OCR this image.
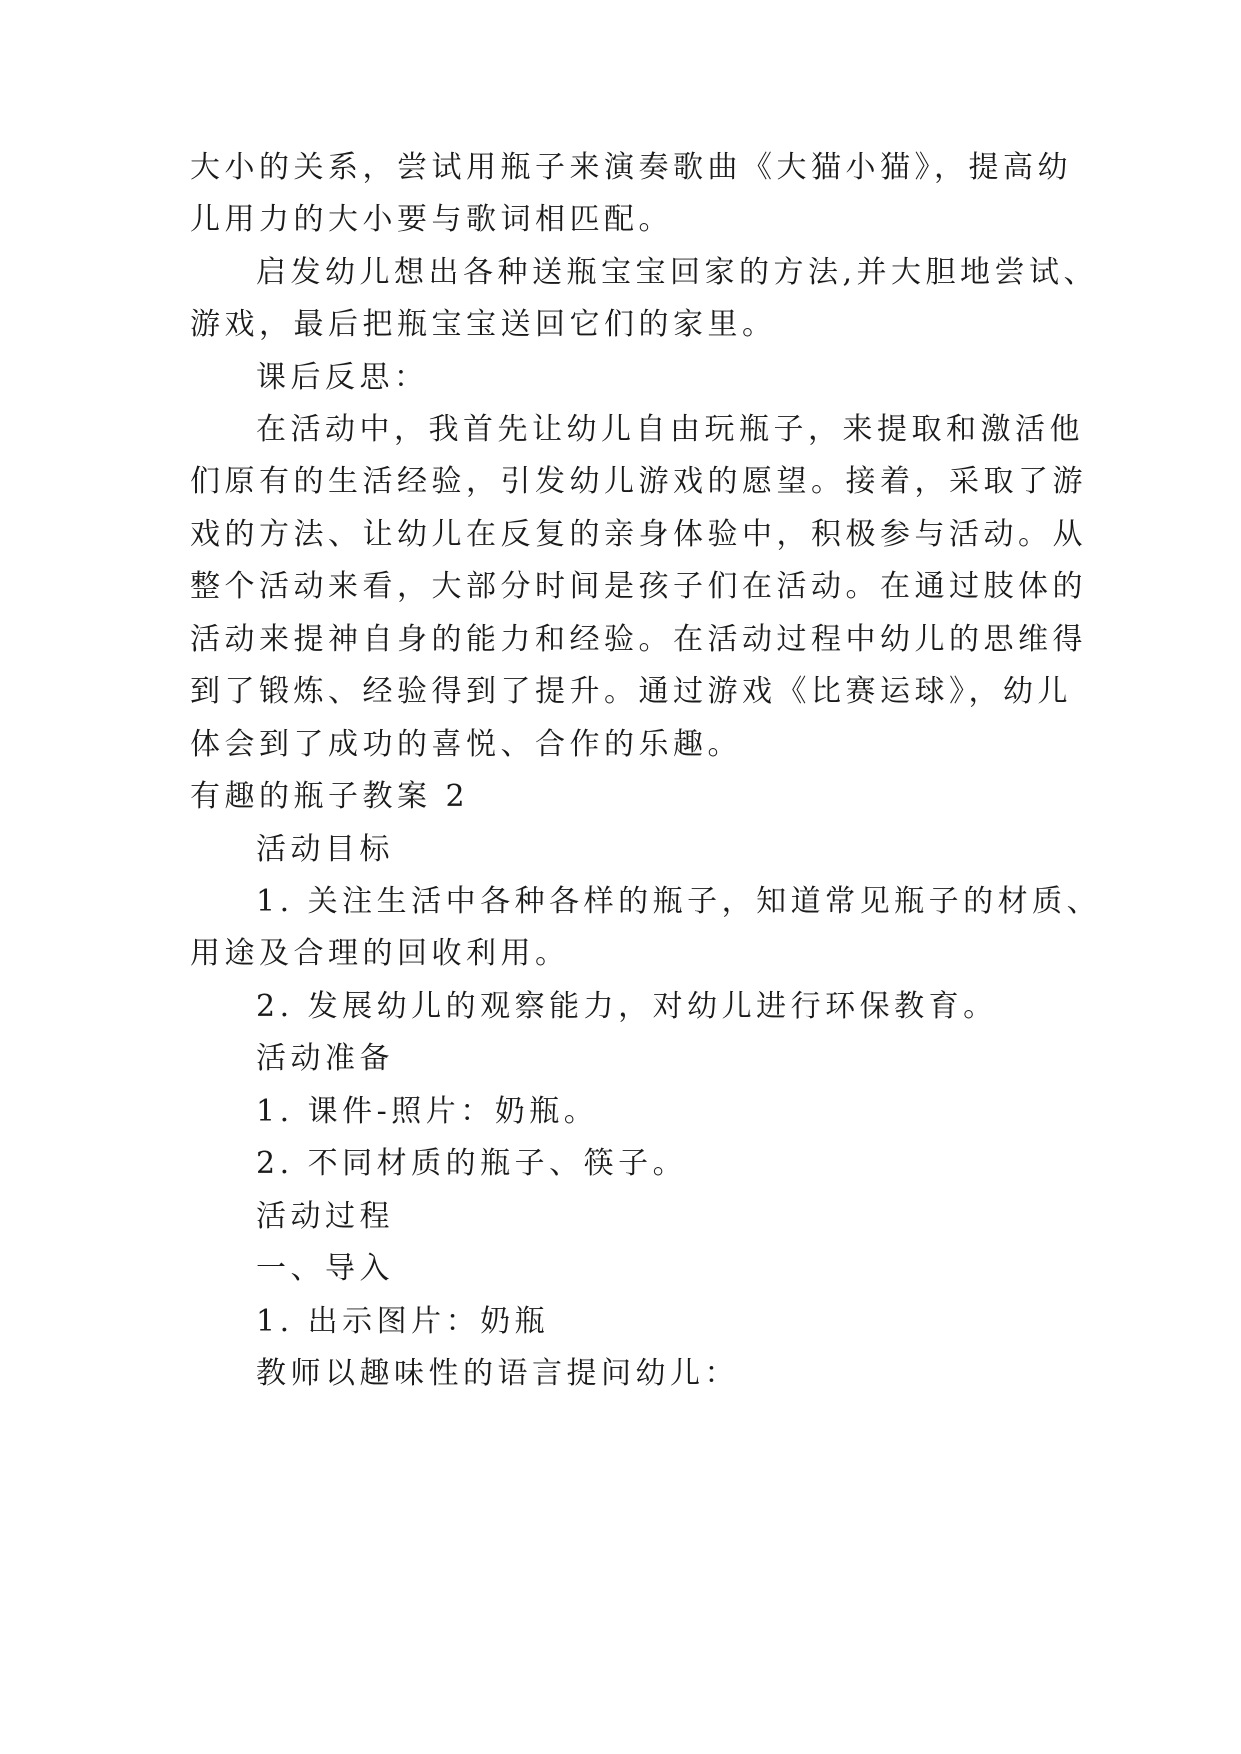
大小的关系，尝试用瓶子来演奏歌曲《大猫小猫》，提高幼
儿用力的大小要与歌词相匹配。
启发幼儿想出各种送瓶宝宝回家的方法,并大胆地尝试、
游戏，最后把瓶宝宝送回它们的家里。
课后反思：
在活动中，我首先让幼儿自由玩瓶子，来提取和激活他
们原有的生活经验，引发幼儿游戏的愿望。接着，采取了游
戏的方法、让幼儿在反复的亲身体验中，积极参与活动。从
整个活动来看，大部分时间是孩子们在活动。在通过肢体的
活动来提神自身的能力和经验。在活动过程中幼儿的思维得
到了锻炼、经验得到了提升。通过游戏《比赛运球》，幼儿
体会到了成功的喜悦、合作的乐趣。
有趣的瓶子教案 2
活动目标
1. 关注生活中各种各样的瓶子，知道常见瓶子的材质、
用途及合理的回收利用。
2. 发展幼儿的观察能力，对幼儿进行环保教育。
活动准备
1. 课件-照片：奶瓶。
2. 不同材质的瓶子、筷子。
活动过程
一、导入
1. 出示图片：奶瓶
教师以趣味性的语言提问幼儿：
